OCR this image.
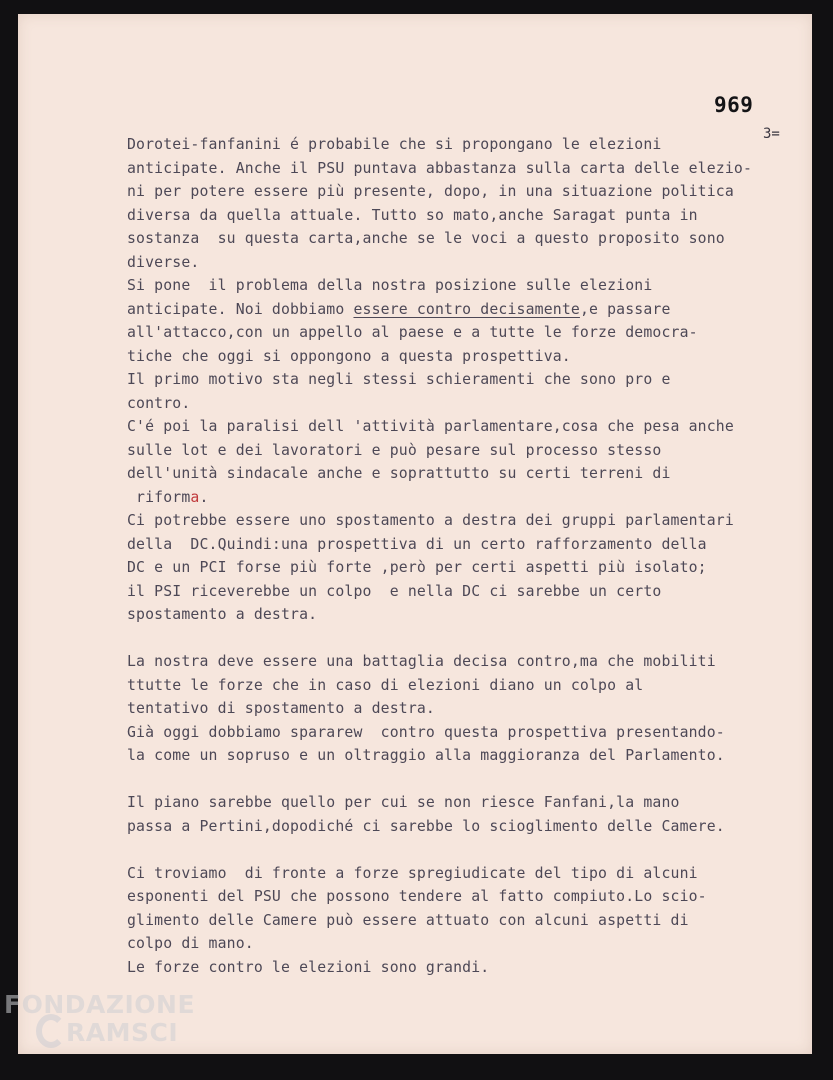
969
3=
Dorotei-fanfanini é probabile che si propongano le elezioni
anticipate. Anche il PSU puntava abbastanza sulla carta delle elezio-
ni per potere essere più presente, dopo, in una situazione politica
diversa da quella attuale. Tutto so mato,anche Saragat punta in
sostanza  su questa carta,anche se le voci a questo proposito sono
diverse.
Si pone  il problema della nostra posizione sulle elezioni
anticipate. Noi dobbiamo essere contro decisamente,e passare
all'attacco,con un appello al paese e a tutte le forze democra-
tiche che oggi si oppongono a questa prospettiva.
Il primo motivo sta negli stessi schieramenti che sono pro e
contro.
C'é poi la paralisi dell 'attività parlamentare,cosa che pesa anche
sulle lot e dei lavoratori e può pesare sul processo stesso
dell'unità sindacale anche e soprattutto su certi terreni di
riforma.
Ci potrebbe essere uno spostamento a destra dei gruppi parlamentari
della  DC.Quindi:una prospettiva di un certo rafforzamento della
DC e un PCI forse più forte ,però per certi aspetti più isolato;
il PSI riceverebbe un colpo  e nella DC ci sarebbe un certo
spostamento a destra.
La nostra deve essere una battaglia decisa contro,ma che mobiliti
ttutte le forze che in caso di elezioni diano un colpo al
tentativo di spostamento a destra.
Già oggi dobbiamo spararew  contro questa prospettiva presentando-
la come un sopruso e un oltraggio alla maggioranza del Parlamento.
Il piano sarebbe quello per cui se non riesce Fanfani,la mano
passa a Pertini,dopodiché ci sarebbe lo scioglimento delle Camere.
Ci troviamo  di fronte a forze spregiudicate del tipo di alcuni
esponenti del PSU che possono tendere al fatto compiuto.Lo scio-
glimento delle Camere può essere attuato con alcuni aspetti di
colpo di mano.
Le forze contro le elezioni sono grandi.
FONDAZIONE
RAMSCI
